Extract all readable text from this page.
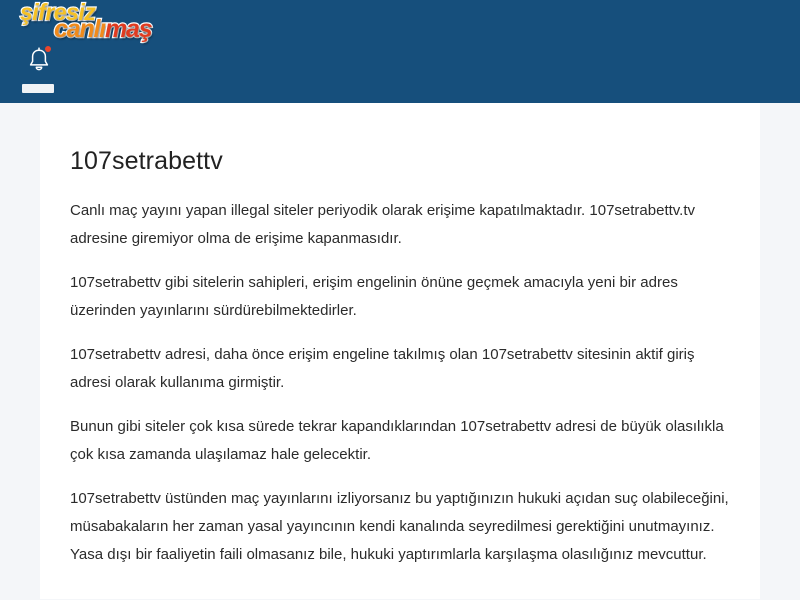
şifresiz
canlımaş
107setrabettv

Canlı maç yayını yapan illegal siteler periyodik olarak erişime kapatılmaktadır. 107setrabettv.tv adresine giremiyor olma de erişime kapanmasıdır.

107setrabettv gibi sitelerin sahipleri, erişim engelinin önüne geçmek amacıyla yeni bir adres üzerinden yayınlarını sürdürebilmektedirler.

107setrabettv adresi, daha önce erişim engeline takılmış olan 107setrabettv sitesinin aktif giriş adresi olarak kullanıma girmiştir.

Bunun gibi siteler çok kısa sürede tekrar kapandıklarından 107setrabettv adresi de büyük olasılıkla çok kısa zamanda ulaşılamaz hale gelecektir.

107setrabettv üstünden maç yayınlarını izliyorsanız bu yaptığınızın hukuki açıdan suç olabileceğini, müsabakaların her zaman yasal yayıncının kendi kanalında seyredilmesi gerektiğini unutmayınız. Yasa dışı bir faaliyetin faili olmasanız bile, hukuki yaptırımlarla karşılaşma olasılığınız mevcuttur.
